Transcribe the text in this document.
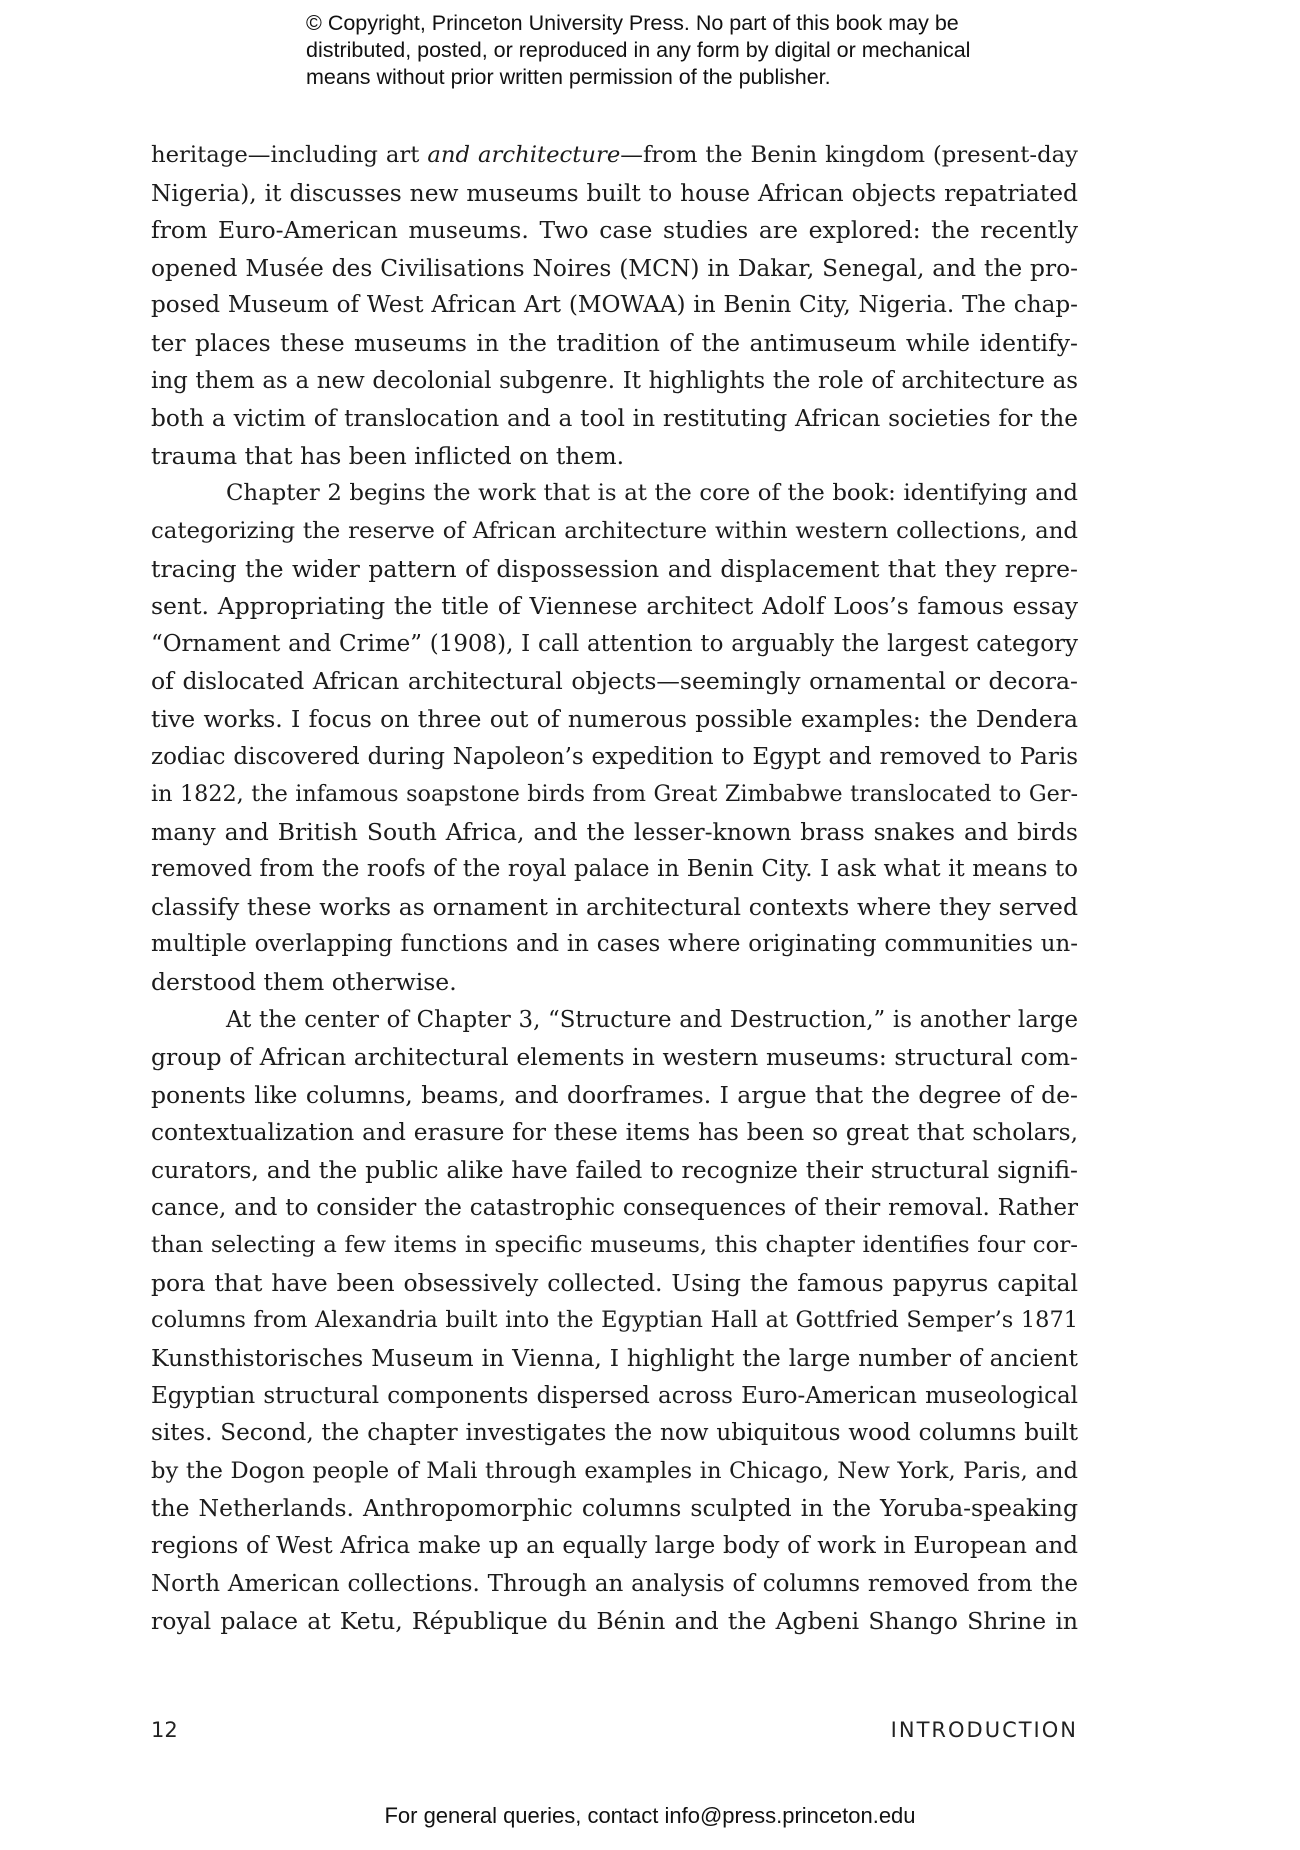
© Copyright, Princeton University Press. No part of this book may be
distributed, posted, or reproduced in any form by digital or mechanical
means without prior written permission of the publisher.

heritage—including art and architecture—from the Benin kingdom (present-day
Nigeria), it discusses new museums built to house African objects repatriated
from Euro-American museums. Two case studies are explored: the recently
opened Musée des Civilisations Noires (MCN) in Dakar, Senegal, and the pro-
posed Museum of West African Art (MOWAA) in Benin City, Nigeria. The chap-
ter places these museums in the tradition of the antimuseum while identify-
ing them as a new decolonial subgenre. It highlights the role of architecture as
both a victim of translocation and a tool in restituting African societies for the
trauma that has been inflicted on them.
Chapter 2 begins the work that is at the core of the book: identifying and
categorizing the reserve of African architecture within western collections, and
tracing the wider pattern of dispossession and displacement that they repre-
sent. Appropriating the title of Viennese architect Adolf Loos’s famous essay
“Ornament and Crime” (1908), I call attention to arguably the largest category
of dislocated African architectural objects—seemingly ornamental or decora-
tive works. I focus on three out of numerous possible examples: the Dendera
zodiac discovered during Napoleon’s expedition to Egypt and removed to Paris
in 1822, the infamous soapstone birds from Great Zimbabwe translocated to Ger-
many and British South Africa, and the lesser-known brass snakes and birds
removed from the roofs of the royal palace in Benin City. I ask what it means to
classify these works as ornament in architectural contexts where they served
multiple overlapping functions and in cases where originating communities un-
derstood them otherwise.
At the center of Chapter 3, “Structure and Destruction,” is another large
group of African architectural elements in western museums: structural com-
ponents like columns, beams, and doorframes. I argue that the degree of de-
contextualization and erasure for these items has been so great that scholars,
curators, and the public alike have failed to recognize their structural signifi-
cance, and to consider the catastrophic consequences of their removal. Rather
than selecting a few items in specific museums, this chapter identifies four cor-
pora that have been obsessively collected. Using the famous papyrus capital
columns from Alexandria built into the Egyptian Hall at Gottfried Semper’s 1871
Kunsthistorisches Museum in Vienna, I highlight the large number of ancient
Egyptian structural components dispersed across Euro-American museological
sites. Second, the chapter investigates the now ubiquitous wood columns built
by the Dogon people of Mali through examples in Chicago, New York, Paris, and
the Netherlands. Anthropomorphic columns sculpted in the Yoruba-speaking
regions of West Africa make up an equally large body of work in European and
North American collections. Through an analysis of columns removed from the
royal palace at Ketu, République du Bénin and the Agbeni Shango Shrine in

12	INTRODUCTION

For general queries, contact info@press.princeton.edu
